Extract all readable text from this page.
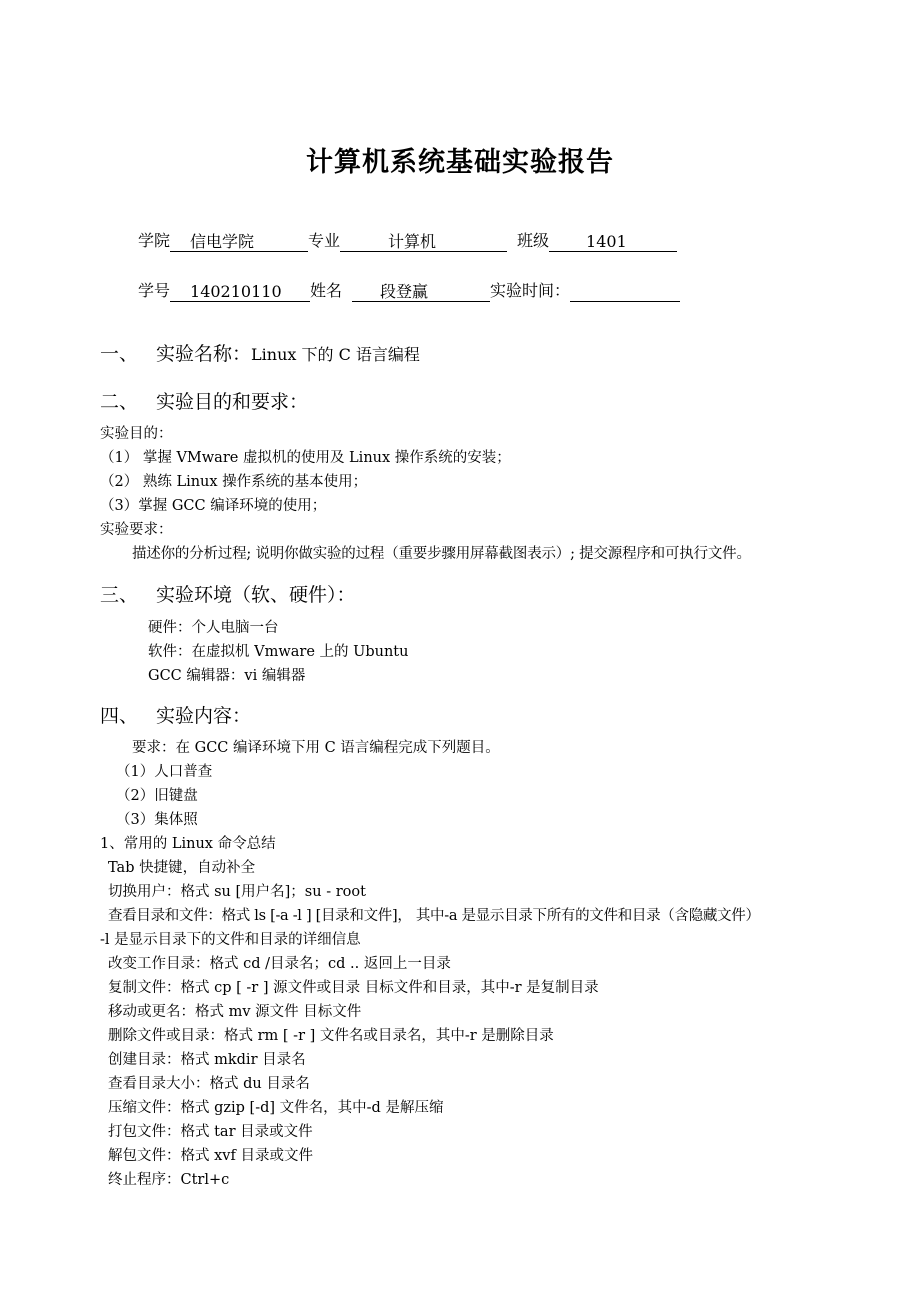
计算机系统基础实验报告
学院 信电学院	专业	计算机	班级 1401
学号 140210110 姓名 段登赢	实验时间：
一、 实验名称：Linux 下的 C 语言编程
二、 实验目的和要求：
实验目的：
（1） 掌握 VMware 虚拟机的使用及 Linux 操作系统的安装；
（2） 熟练 Linux 操作系统的基本使用；
（3）掌握 GCC 编译环境的使用；
实验要求：
描述你的分析过程; 说明你做实验的过程（重要步骤用屏幕截图表示）; 提交源程序和可执行文件。
三、 实验环境（软、硬件）：
硬件：个人电脑一台
软件：在虚拟机 Vmware 上的 Ubuntu
GCC 编辑器：vi 编辑器
四、 实验内容：
要求：在 GCC 编译环境下用 C 语言编程完成下列题目。
（1）人口普查
（2）旧键盘
（3）集体照
1、常用的 Linux 命令总结
Tab 快捷键，自动补全
切换用户：格式 su [用户名]；su - root
查看目录和文件：格式 ls [-a -l ] [目录和文件]， 其中-a 是显示目录下所有的文件和目录（含隐藏文件）
-l 是显示目录下的文件和目录的详细信息
改变工作目录：格式 cd /目录名；cd .. 返回上一目录
复制文件：格式 cp [ -r ] 源文件或目录 目标文件和目录，其中-r 是复制目录
移动或更名：格式 mv 源文件 目标文件
删除文件或目录：格式 rm [ -r ] 文件名或目录名，其中-r 是删除目录
创建目录：格式 mkdir 目录名
查看目录大小：格式 du 目录名
压缩文件：格式 gzip [-d] 文件名，其中-d 是解压缩
打包文件：格式 tar 目录或文件
解包文件：格式 xvf 目录或文件
终止程序：Ctrl+c
